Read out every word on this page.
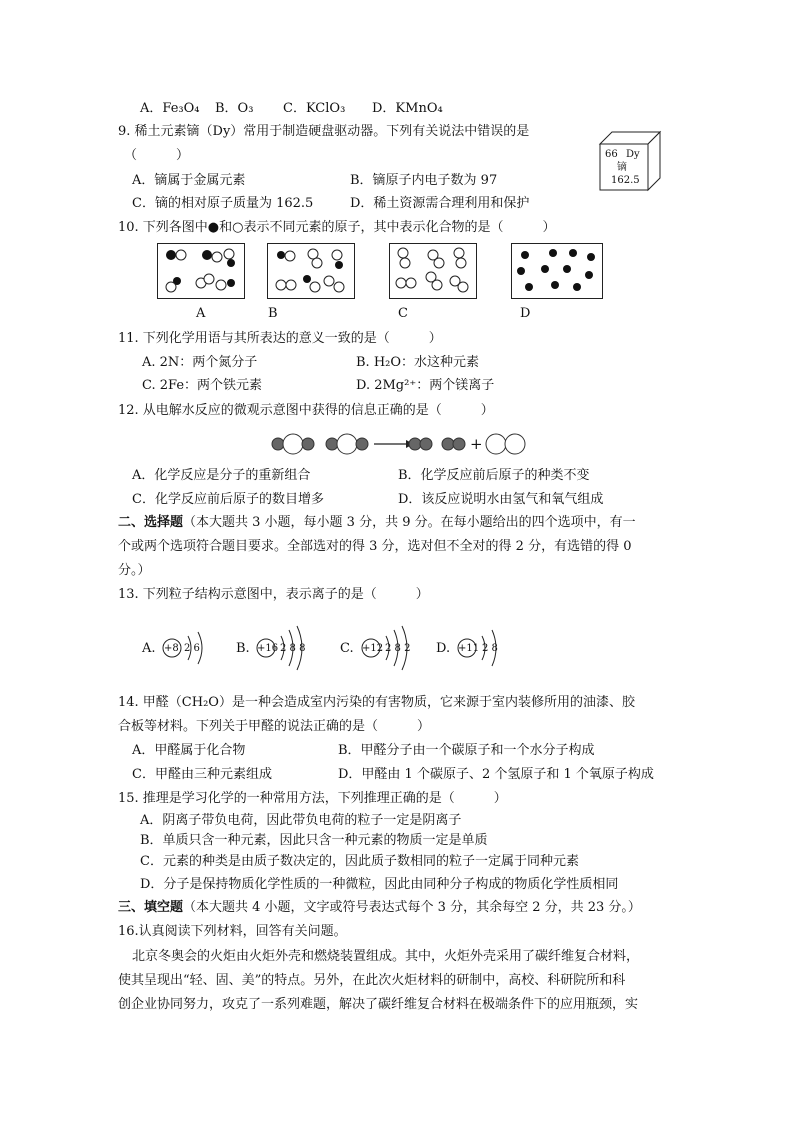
A．Fe₃O₄ B．O₃ C．KClO₃ D．KMnO₄
9. 稀土元素镝（Dy）常用于制造硬盘驱动器。下列有关说法中错误的是
（　　　）
A．镝属于金属元素	B．镝原子内电子数为 97
C．镝的相对原子质量为 162.5	D．稀土资源需合理利用和保护
66 Dy
镝
162.5
10. 下列各图中●和○表示不同元素的原子，其中表示化合物的是（　　　）
A	B	C	D
11. 下列化学用语与其所表达的意义一致的是（　　　）
A. 2N：两个氮分子	B. H₂O：水这种元素
C. 2Fe：两个铁元素	D. 2Mg²⁺：两个镁离子
12. 从电解水反应的微观示意图中获得的信息正确的是（　　　）
+
A．化学反应是分子的重新组合	B．化学反应前后原子的种类不变
C．化学反应前后原子的数目增多	D．该反应说明水由氢气和氧气组成
二、选择题（本大题共 3 小题，每小题 3 分，共 9 分。在每小题给出的四个选项中，有一
个或两个选项符合题目要求。全部选对的得 3 分，选对但不全对的得 2 分，有选错的得 0
分。）
13. 下列粒子结构示意图中，表示离子的是（　　　）
A. +8 2 6	B. +16 2 8 8	C. +12 2 8 2 D. +11 2 8
14. 甲醛（CH₂O）是一种会造成室内污染的有害物质，它来源于室内装修所用的油漆、胶
合板等材料。下列关于甲醛的说法正确的是（　　　）
A．甲醛属于化合物	B．甲醛分子由一个碳原子和一个水分子构成
C．甲醛由三种元素组成	D．甲醛由 1 个碳原子、2 个氢原子和 1 个氧原子构成
15. 推理是学习化学的一种常用方法，下列推理正确的是（　　　）
A．阴离子带负电荷，因此带负电荷的粒子一定是阴离子
B．单质只含一种元素，因此只含一种元素的物质一定是单质
C．元素的种类是由质子数决定的，因此质子数相同的粒子一定属于同种元素
D．分子是保持物质化学性质的一种微粒，因此由同种分子构成的物质化学性质相同
三、填空题（本大题共 4 小题，文字或符号表达式每个 3 分，其余每空 2 分，共 23 分。）
16.认真阅读下列材料，回答有关问题。
北京冬奥会的火炬由火炬外壳和燃烧装置组成。其中，火炬外壳采用了碳纤维复合材料，
使其呈现出“轻、固、美”的特点。另外，在此次火炬材料的研制中，高校、科研院所和科
创企业协同努力，攻克了一系列难题，解决了碳纤维复合材料在极端条件下的应用瓶颈，实
